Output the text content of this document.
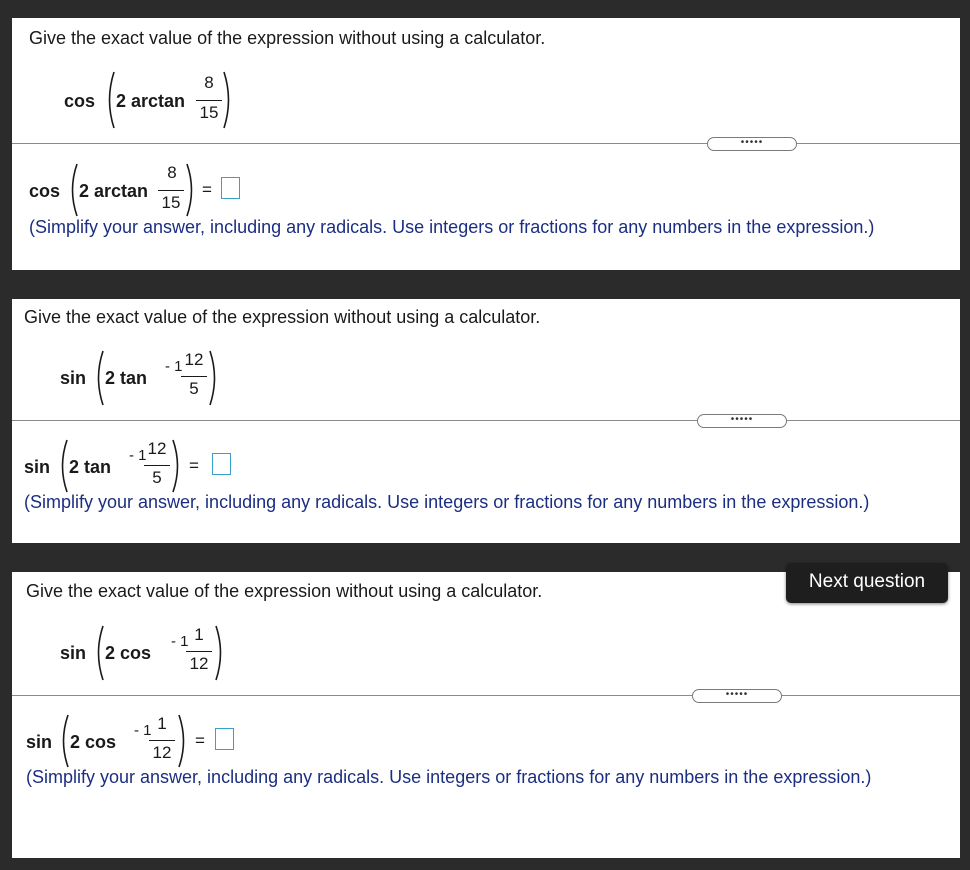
Give the exact value of the expression without using a calculator.
cos 2 arctan
8
15
•••••
cos 2 arctan
8
15
=
(Simplify your answer, including any radicals. Use integers or fractions for any numbers in the expression.)
Give the exact value of the expression without using a calculator.
sin 2 tan
- 1 12
5
•••••
sin 2 tan
- 1 12
5
=
(Simplify your answer, including any radicals. Use integers or fractions for any numbers in the expression.)
Give the exact value of the expression without using a calculator.
sin 2 cos
- 1 1
12
•••••
sin 2 cos
- 1 1
12
=
(Simplify your answer, including any radicals. Use integers or fractions for any numbers in the expression.)
Next question
